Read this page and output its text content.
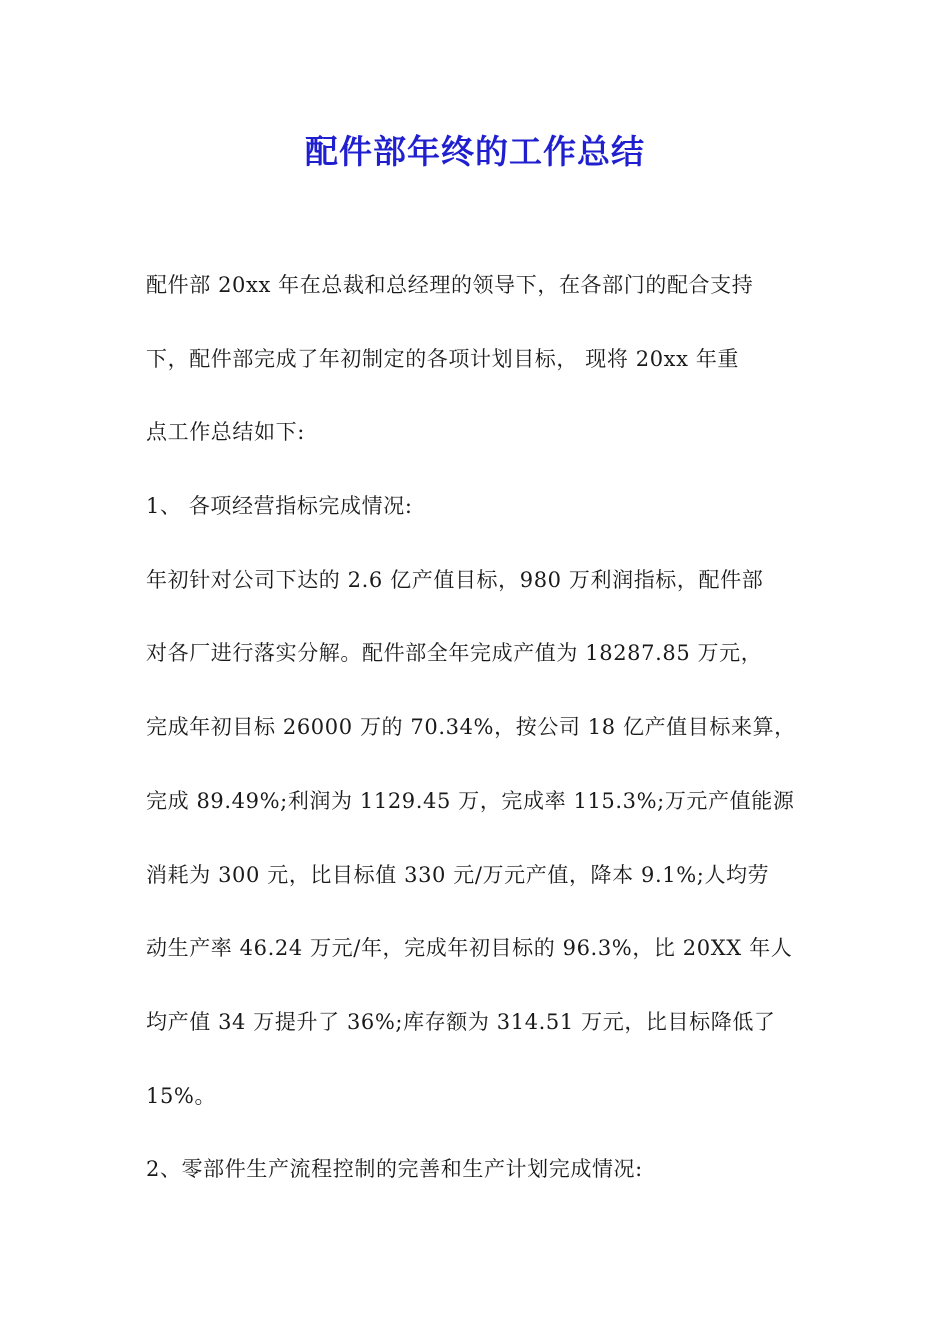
配件部年终的工作总结
配件部 20xx 年在总裁和总经理的领导下，在各部门的配合支持
下，配件部完成了年初制定的各项计划目标， 现将 20xx 年重
点工作总结如下:
1、 各项经营指标完成情况:
年初针对公司下达的 2.6 亿产值目标，980 万利润指标，配件部
对各厂进行落实分解。配件部全年完成产值为 18287.85 万元，
完成年初目标 26000 万的 70.34%，按公司 18 亿产值目标来算，
完成 89.49%;利润为 1129.45 万，完成率 115.3%;万元产值能源
消耗为 300 元，比目标值 330 元/万元产值，降本 9.1%;人均劳
动生产率 46.24 万元/年，完成年初目标的 96.3%，比 20XX 年人
均产值 34 万提升了 36%;库存额为 314.51 万元，比目标降低了
15%。
2、零部件生产流程控制的完善和生产计划完成情况:
